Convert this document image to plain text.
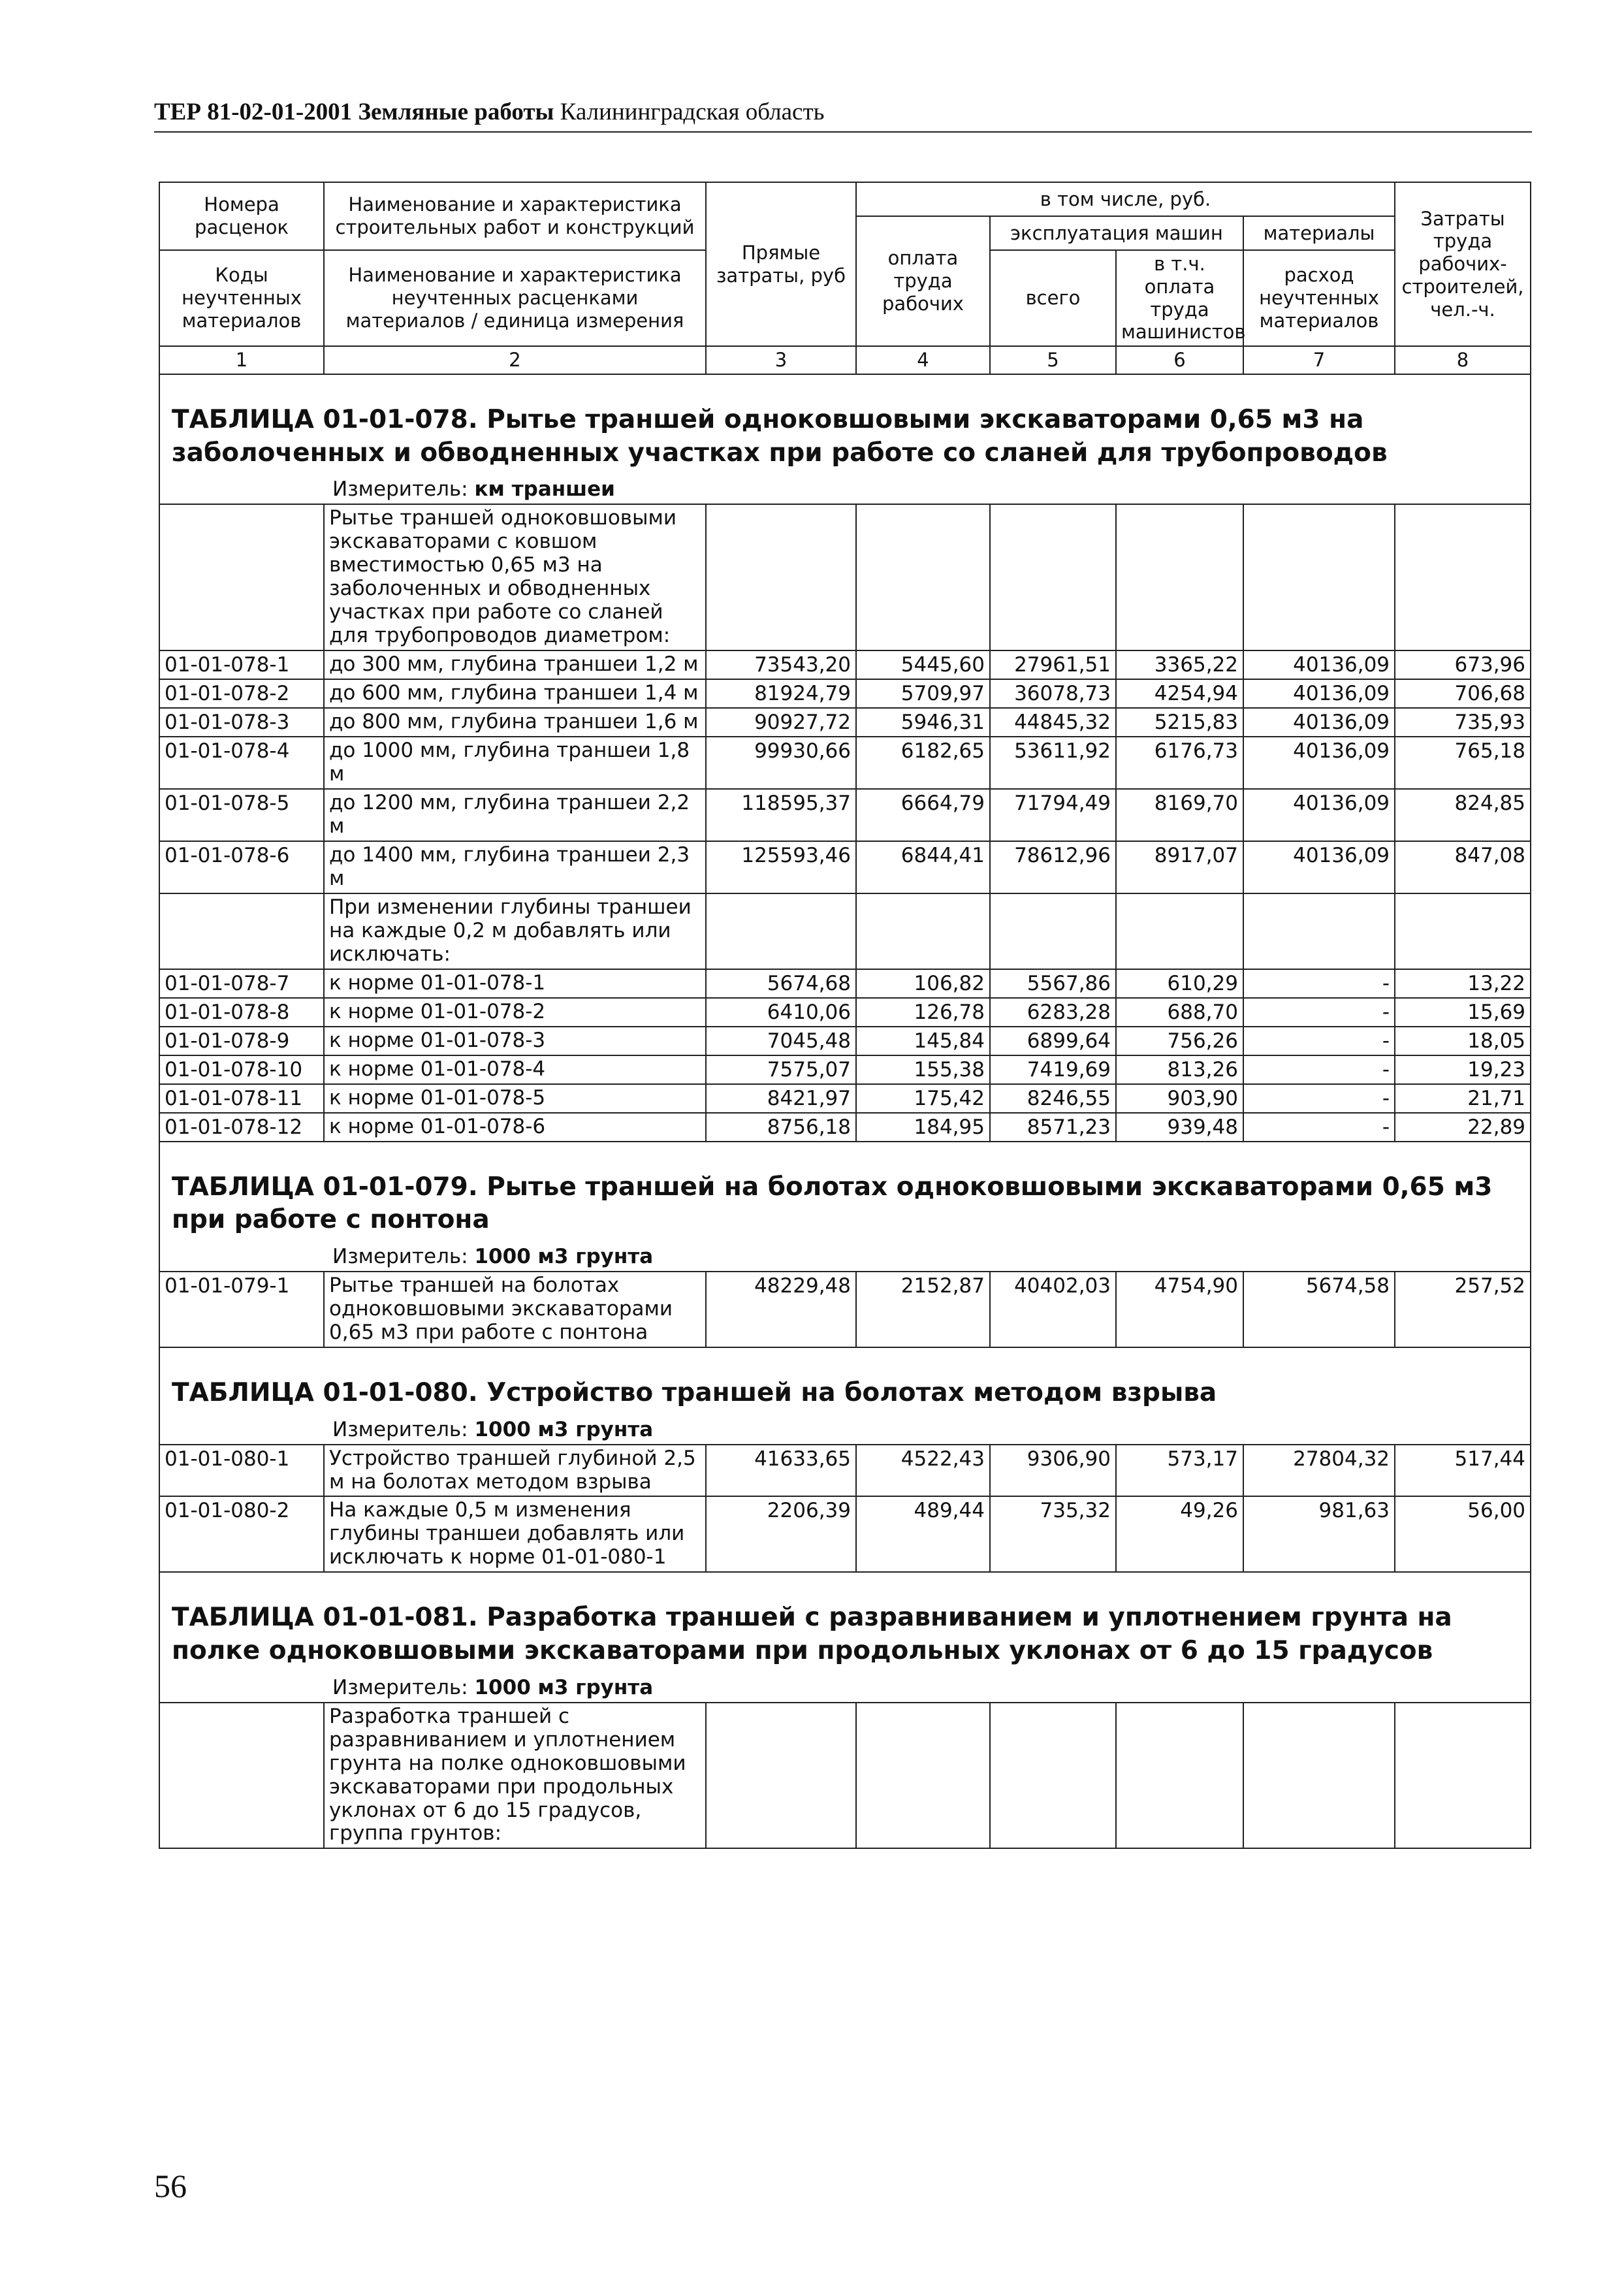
ТЕР 81-02-01-2001 Земляные работы Калининградская область
Номера расценок	Наименование и характеристика строительных работ и конструкций	Прямые затраты, руб	в том числе, руб.				Затраты труда рабочих-строителей, чел.-ч.
			оплата труда рабочих	эксплуатация машин		материалы	
Коды неучтенных материалов	Наименование и характеристика неучтенных расценками материалов / единица измерения			всего	в т.ч. оплата труда машинистов	расход неучтенных материалов	

1	2	3	4	5	6	7	8

ТАБЛИЦА 01-01-078. Рытье траншей одноковшовыми экскаваторами 0,65 м3 на заболоченных и обводненных участках при работе со сланей для трубопроводов							

Измеритель: км траншеи							
	Рытье траншей одноковшовыми экскаваторами с ковшом вместимостью 0,65 м3 на заболоченных и обводненных участках при работе со сланей для трубопроводов диаметром:						
01-01-078-1	до 300 мм, глубина траншеи 1,2 м	73543,20	5445,60	27961,51	3365,22	40136,09	673,96
01-01-078-2	до 600 мм, глубина траншеи 1,4 м	81924,79	5709,97	36078,73	4254,94	40136,09	706,68
01-01-078-3	до 800 мм, глубина траншеи 1,6 м	90927,72	5946,31	44845,32	5215,83	40136,09	735,93
01-01-078-4	до 1000 мм, глубина траншеи 1,8 м	99930,66	6182,65	53611,92	6176,73	40136,09	765,18
01-01-078-5	до 1200 мм, глубина траншеи 2,2 м	118595,37	6664,79	71794,49	8169,70	40136,09	824,85
01-01-078-6	до 1400 мм, глубина траншеи 2,3 м	125593,46	6844,41	78612,96	8917,07	40136,09	847,08
	При изменении глубины траншеи на каждые 0,2 м добавлять или исключать:						
01-01-078-7	к норме 01-01-078-1	5674,68	106,82	5567,86	610,29	-	13,22
01-01-078-8	к норме 01-01-078-2	6410,06	126,78	6283,28	688,70	-	15,69
01-01-078-9	к норме 01-01-078-3	7045,48	145,84	6899,64	756,26	-	18,05
01-01-078-10	к норме 01-01-078-4	7575,07	155,38	7419,69	813,26	-	19,23
01-01-078-11	к норме 01-01-078-5	8421,97	175,42	8246,55	903,90	-	21,71
01-01-078-12	к норме 01-01-078-6	8756,18	184,95	8571,23	939,48	-	22,89

ТАБЛИЦА 01-01-079. Рытье траншей на болотах одноковшовыми экскаваторами 0,65 м3 при работе с понтона							

Измеритель: 1000 м3 грунта							
01-01-079-1	Рытье траншей на болотах одноковшовыми экскаваторами 0,65 м3 при работе с понтона	48229,48	2152,87	40402,03	4754,90	5674,58	257,52

ТАБЛИЦА 01-01-080. Устройство траншей на болотах методом взрыва							

Измеритель: 1000 м3 грунта							
01-01-080-1	Устройство траншей глубиной 2,5 м на болотах методом взрыва	41633,65	4522,43	9306,90	573,17	27804,32	517,44
01-01-080-2	На каждые 0,5 м изменения глубины траншеи добавлять или исключать к норме 01-01-080-1	2206,39	489,44	735,32	49,26	981,63	56,00

ТАБЛИЦА 01-01-081. Разработка траншей с разравниванием и уплотнением грунта на полке одноковшовыми экскаваторами при продольных уклонах от 6 до 15 градусов							

Измеритель: 1000 м3 грунта							
	Разработка траншей с разравниванием и уплотнением грунта на полке одноковшовыми экскаваторами при продольных уклонах от 6 до 15 градусов, группа грунтов:						
56
